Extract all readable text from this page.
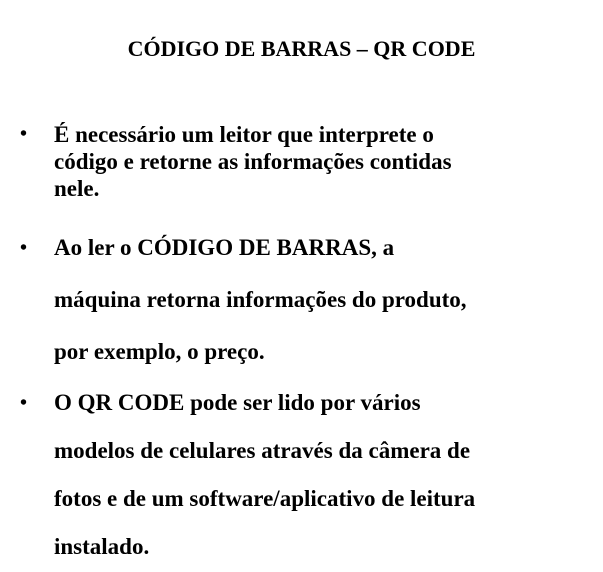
CÓDIGO DE BARRAS – QR CODE
• É necessário um leitor que interprete o
código e retorne as informações contidas
nele.
• Ao ler o CÓDIGO DE BARRAS, a
máquina retorna informações do produto,
por exemplo, o preço.
• O QR CODE pode ser lido por vários
modelos de celulares através da câmera de
fotos e de um software/aplicativo de leitura
instalado.
